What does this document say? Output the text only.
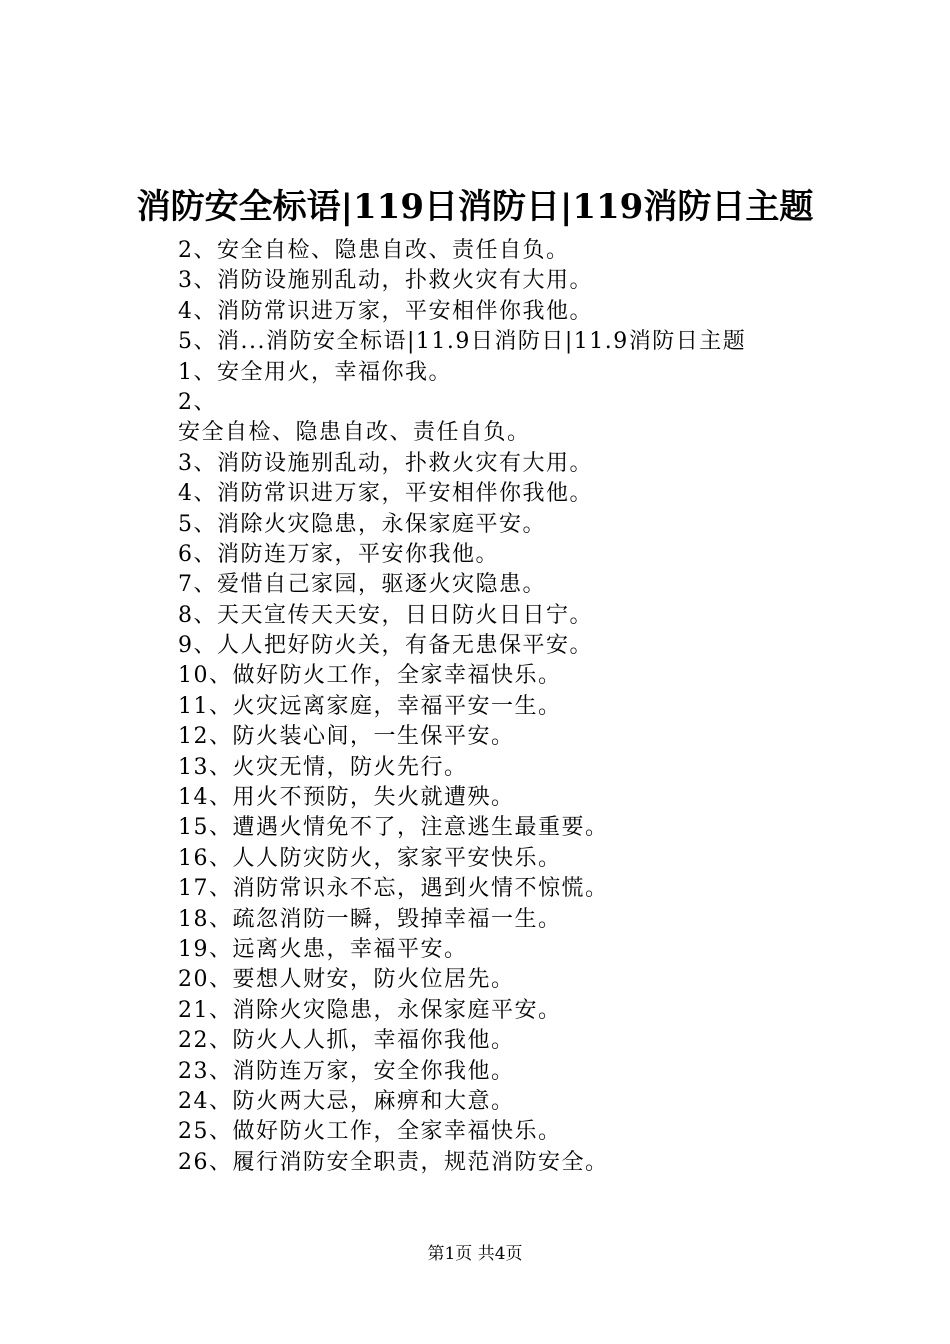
消防安全标语|119日消防日|119消防日主题
2、安全自检、隐患自改、责任自负。
3、消防设施别乱动，扑救火灾有大用。
4、消防常识进万家，平安相伴你我他。
5、消...消防安全标语|11.9日消防日|11.9消防日主题
1、安全用火，幸福你我。
2、
安全自检、隐患自改、责任自负。
3、消防设施别乱动，扑救火灾有大用。
4、消防常识进万家，平安相伴你我他。
5、消除火灾隐患，永保家庭平安。
6、消防连万家，平安你我他。
7、爱惜自己家园，驱逐火灾隐患。
8、天天宣传天天安，日日防火日日宁。
9、人人把好防火关，有备无患保平安。
10、做好防火工作，全家幸福快乐。
11、火灾远离家庭，幸福平安一生。
12、防火装心间，一生保平安。
13、火灾无情，防火先行。
14、用火不预防，失火就遭殃。
15、遭遇火情免不了，注意逃生最重要。
16、人人防灾防火，家家平安快乐。
17、消防常识永不忘，遇到火情不惊慌。
18、疏忽消防一瞬，毁掉幸福一生。
19、远离火患，幸福平安。
20、要想人财安，防火位居先。
21、消除火灾隐患，永保家庭平安。
22、防火人人抓，幸福你我他。
23、消防连万家，安全你我他。
24、防火两大忌，麻痹和大意。
25、做好防火工作，全家幸福快乐。
26、履行消防安全职责，规范消防安全。
第1页 共4页
